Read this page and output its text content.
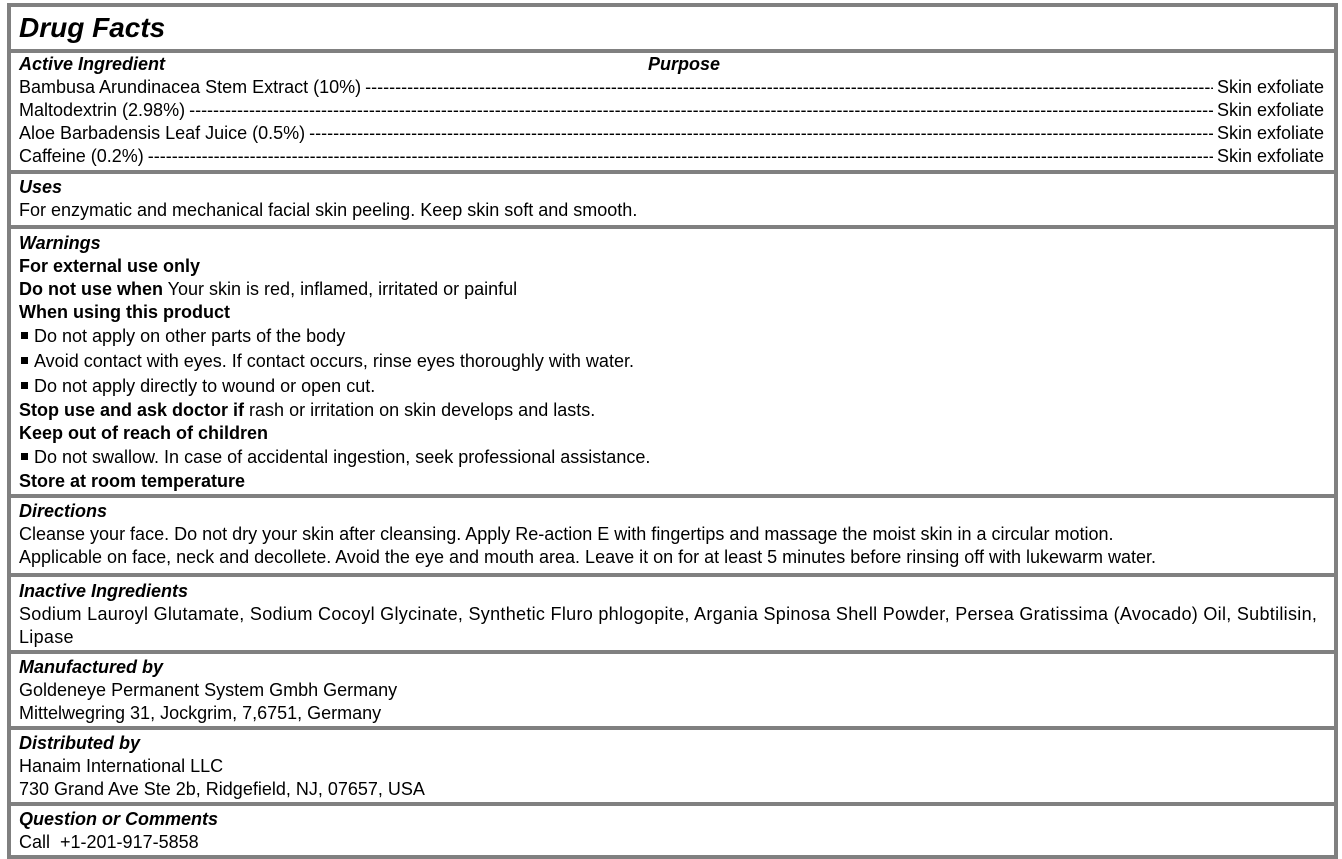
Drug Facts
Active Ingredient	Purpose
Bambusa Arundinacea Stem Extract (10%) -----	Skin exfoliate
Maltodextrin (2.98%) -----	Skin exfoliate
Aloe Barbadensis Leaf Juice (0.5%) -----	Skin exfoliate
Caffeine (0.2%) -----	Skin exfoliate
Uses
For enzymatic and mechanical facial skin peeling. Keep skin soft and smooth.
Warnings
For external use only
Do not use when Your skin is red, inflamed, irritated or painful
When using this product
Do not apply on other parts of the body
Avoid contact with eyes. If contact occurs, rinse eyes thoroughly with water.
Do not apply directly to wound or open cut.
Stop use and ask doctor if rash or irritation on skin develops and lasts.
Keep out of reach of children
Do not swallow. In case of accidental ingestion, seek professional assistance.
Store at room temperature
Directions
Cleanse your face. Do not dry your skin after cleansing. Apply Re-action E with fingertips and massage the moist skin in a circular motion.
Applicable on face, neck and decollete. Avoid the eye and mouth area. Leave it on for at least 5 minutes before rinsing off with lukewarm water.
Inactive Ingredients
Sodium Lauroyl Glutamate, Sodium Cocoyl Glycinate, Synthetic Fluro phlogopite, Argania Spinosa Shell Powder, Persea Gratissima (Avocado) Oil, Subtilisin, Lipase
Manufactured by
Goldeneye Permanent System Gmbh Germany
Mittelwegring 31, Jockgrim, 7,6751, Germany
Distributed by
Hanaim International LLC
730 Grand Ave Ste 2b, Ridgefield, NJ, 07657, USA
Question or Comments
Call  +1-201-917-5858
